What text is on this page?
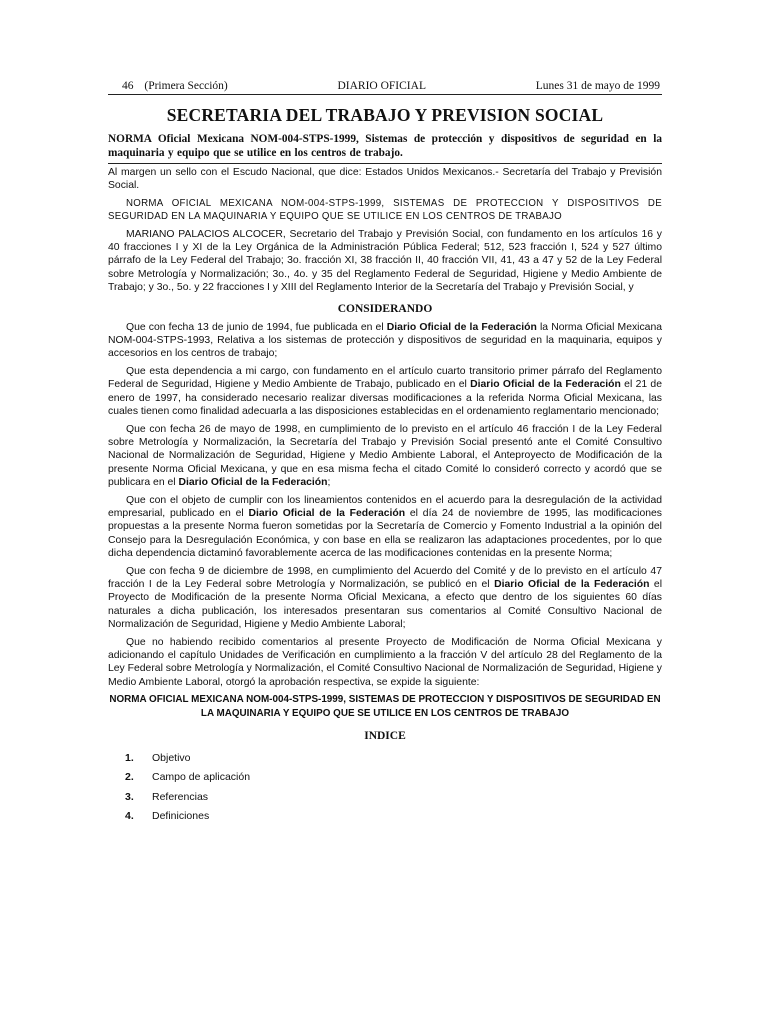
46 (Primera Sección)	DIARIO OFICIAL	Lunes 31 de mayo de 1999
SECRETARIA DEL TRABAJO Y PREVISION SOCIAL
NORMA Oficial Mexicana NOM-004-STPS-1999, Sistemas de protección y dispositivos de seguridad en la maquinaria y equipo que se utilice en los centros de trabajo.

Al margen un sello con el Escudo Nacional, que dice: Estados Unidos Mexicanos.- Secretaría del Trabajo y Previsión Social.

NORMA OFICIAL MEXICANA NOM-004-STPS-1999, SISTEMAS DE PROTECCION Y DISPOSITIVOS DE SEGURIDAD EN LA MAQUINARIA Y EQUIPO QUE SE UTILICE EN LOS CENTROS DE TRABAJO

MARIANO PALACIOS ALCOCER, Secretario del Trabajo y Previsión Social, con fundamento en los artículos 16 y 40 fracciones I y XI de la Ley Orgánica de la Administración Pública Federal; 512, 523 fracción I, 524 y 527 último párrafo de la Ley Federal del Trabajo; 3o. fracción XI, 38 fracción II, 40 fracción VII, 41, 43 a 47 y 52 de la Ley Federal sobre Metrología y Normalización; 3o., 4o. y 35 del Reglamento Federal de Seguridad, Higiene y Medio Ambiente de Trabajo; y 3o., 5o. y 22 fracciones I y XIII del Reglamento Interior de la Secretaría del Trabajo y Previsión Social, y

CONSIDERANDO

Que con fecha 13 de junio de 1994, fue publicada en el Diario Oficial de la Federación la Norma Oficial Mexicana NOM-004-STPS-1993, Relativa a los sistemas de protección y dispositivos de seguridad en la maquinaria, equipos y accesorios en los centros de trabajo;

Que esta dependencia a mi cargo, con fundamento en el artículo cuarto transitorio primer párrafo del Reglamento Federal de Seguridad, Higiene y Medio Ambiente de Trabajo, publicado en el Diario Oficial de la Federación el 21 de enero de 1997, ha considerado necesario realizar diversas modificaciones a la referida Norma Oficial Mexicana, las cuales tienen como finalidad adecuarla a las disposiciones establecidas en el ordenamiento reglamentario mencionado;

Que con fecha 26 de mayo de 1998, en cumplimiento de lo previsto en el artículo 46 fracción I de la Ley Federal sobre Metrología y Normalización, la Secretaría del Trabajo y Previsión Social presentó ante el Comité Consultivo Nacional de Normalización de Seguridad, Higiene y Medio Ambiente Laboral, el Anteproyecto de Modificación de la presente Norma Oficial Mexicana, y que en esa misma fecha el citado Comité lo consideró correcto y acordó que se publicara en el Diario Oficial de la Federación;

Que con el objeto de cumplir con los lineamientos contenidos en el acuerdo para la desregulación de la actividad empresarial, publicado en el Diario Oficial de la Federación el día 24 de noviembre de 1995, las modificaciones propuestas a la presente Norma fueron sometidas por la Secretaría de Comercio y Fomento Industrial a la opinión del Consejo para la Desregulación Económica, y con base en ella se realizaron las adaptaciones procedentes, por lo que dicha dependencia dictaminó favorablemente acerca de las modificaciones contenidas en la presente Norma;

Que con fecha 9 de diciembre de 1998, en cumplimiento del Acuerdo del Comité y de lo previsto en el artículo 47 fracción I de la Ley Federal sobre Metrología y Normalización, se publicó en el Diario Oficial de la Federación el Proyecto de Modificación de la presente Norma Oficial Mexicana, a efecto que dentro de los siguientes 60 días naturales a dicha publicación, los interesados presentaran sus comentarios al Comité Consultivo Nacional de Normalización de Seguridad, Higiene y Medio Ambiente Laboral;

Que no habiendo recibido comentarios al presente Proyecto de Modificación de Norma Oficial Mexicana y adicionando el capítulo Unidades de Verificación en cumplimiento a la fracción V del artículo 28 del Reglamento de la Ley Federal sobre Metrología y Normalización, el Comité Consultivo Nacional de Normalización de Seguridad, Higiene y Medio Ambiente Laboral, otorgó la aprobación respectiva, se expide la siguiente:

NORMA OFICIAL MEXICANA NOM-004-STPS-1999, SISTEMAS DE PROTECCION Y DISPOSITIVOS DE SEGURIDAD EN LA MAQUINARIA Y EQUIPO QUE SE UTILICE EN LOS CENTROS DE TRABAJO
INDICE
1.	Objetivo
2.	Campo de aplicación
3.	Referencias
4.	Definiciones
